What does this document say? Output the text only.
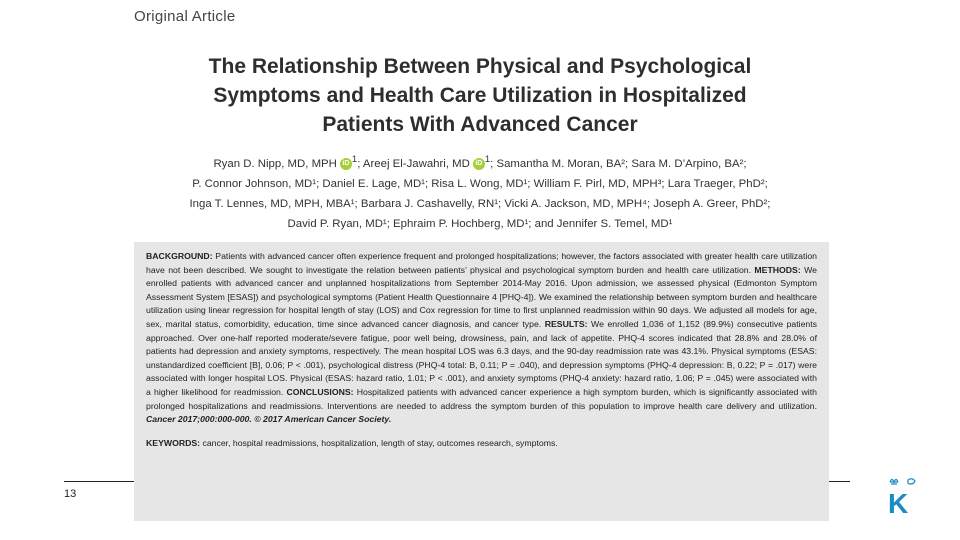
Original Article
The Relationship Between Physical and Psychological
Symptoms and Health Care Utilization in Hospitalized
Patients With Advanced Cancer
Ryan D. Nipp, MD, MPH iD $^1$; Areej El-Jawahri, MD iD $^1$; Samantha M. Moran, BA²; Sara M. D’Arpino, BA²;
P. Connor Johnson, MD¹; Daniel E. Lage, MD¹; Risa L. Wong, MD¹; William F. Pirl, MD, MPH³; Lara Traeger, PhD²;
Inga T. Lennes, MD, MPH, MBA¹; Barbara J. Cashavelly, RN¹; Vicki A. Jackson, MD, MPH⁴; Joseph A. Greer, PhD²;
David P. Ryan, MD¹; Ephraim P. Hochberg, MD¹; and Jennifer S. Temel, MD¹

BACKGROUND: Patients with advanced cancer often experience frequent and prolonged hospitalizations; however, the factors associated with greater health care utilization have not been described. We sought to investigate the relation between patients’ physical and psychological symptom burden and health care utilization. METHODS: We enrolled patients with advanced cancer and unplanned hospitalizations from September 2014-May 2016. Upon admission, we assessed physical (Edmonton Symptom Assessment System [ESAS]) and psychological symptoms (Patient Health Questionnaire 4 [PHQ-4]). We examined the relationship between symptom burden and healthcare utilization using linear regression for hospital length of stay (LOS) and Cox regression for time to first unplanned readmission within 90 days. We adjusted all models for age, sex, marital status, comorbidity, education, time since advanced cancer diagnosis, and cancer type. RESULTS: We enrolled 1,036 of 1,152 (89.9%) consecutive patients approached. Over one-half reported moderate/severe fatigue, poor well being, drowsiness, pain, and lack of appetite. PHQ-4 scores indicated that 28.8% and 28.0% of patients had depression and anxiety symptoms, respectively. The mean hospital LOS was 6.3 days, and the 90-day readmission rate was 43.1%. Physical symptoms (ESAS: unstandardized coefficient [B], 0.06; P < .001), psychological distress (PHQ-4 total: B, 0.11; P = .040), and depression symptoms (PHQ-4 depression: B, 0.22; P = .017) were associated with longer hospital LOS. Physical (ESAS: hazard ratio, 1.01; P < .001), and anxiety symptoms (PHQ-4 anxiety: hazard ratio, 1.06; P = .045) were associated with a higher likelihood for readmission. CONCLUSIONS: Hospitalized patients with advanced cancer experience a high symptom burden, which is significantly associated with prolonged hospitalizations and readmissions. Interventions are needed to address the symptom burden of this population to improve health care delivery and utilization. Cancer 2017;000:000-000. © 2017 American Cancer Society.

KEYWORDS: cancer, hospital readmissions, hospitalization, length of stay, outcomes research, symptoms.

13	K
